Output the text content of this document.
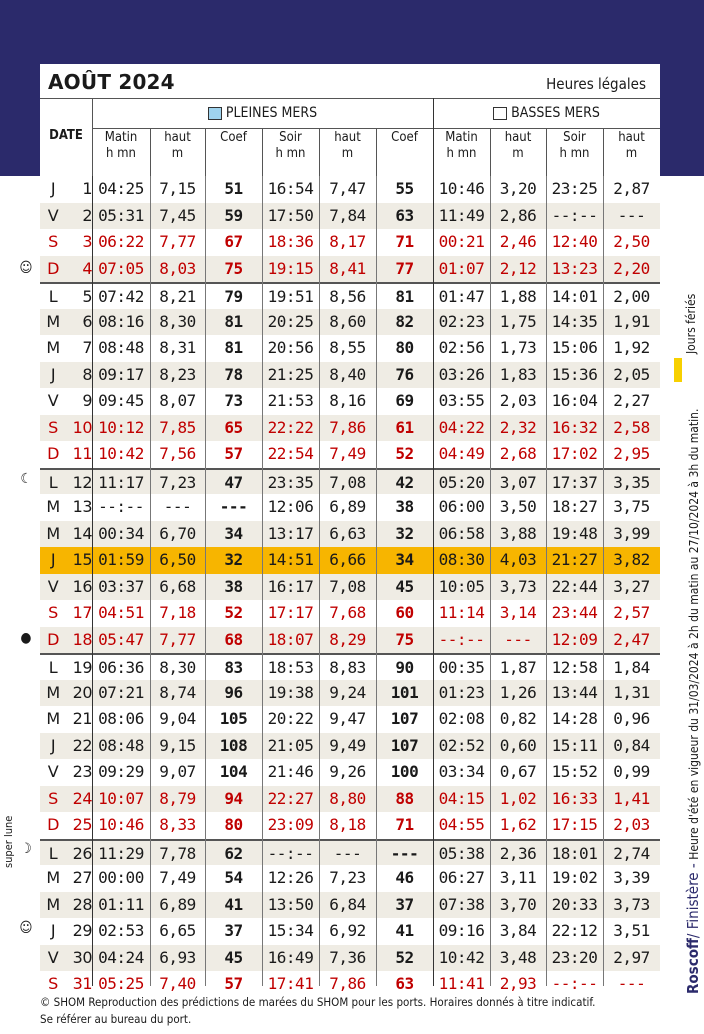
AOÛT 2024	Heures légales
DATE
PLEINES MERS	BASSES MERS
Matin
h mn
haut
m
Coef	Soir
h mn
haut
m
Coef	Matin
h mn
haut
m
Soir
h mn
haut
m
J	1 04:25 7,15	51	16:54 7,47	55	10:46 3,20 23:25 2,87
V	2 05:31 7,45	59	17:50 7,84	63	11:49 2,86 --:--	---
S	3 06:22 7,77	67	18:36 8,17	71	00:21 2,46 12:40 2,50
D	4 07:05 8,03	75	19:15 8,41	77	01:07 2,12 13:23 2,20
L	5 07:42 8,21	79	19:51 8,56	81	01:47 1,88 14:01 2,00
M	6 08:16 8,30	81	20:25 8,60	82	02:23 1,75 14:35 1,91
M	7 08:48 8,31	81	20:56 8,55	80	02:56 1,73 15:06 1,92
J	8 09:17 8,23	78	21:25 8,40	76	03:26 1,83 15:36 2,05
V	9 09:45 8,07	73	21:53 8,16	69	03:55 2,03 16:04 2,27
S 10 10:12 7,85	65	22:22 7,86	61	04:22 2,32 16:32 2,58
D 11 10:42 7,56	57	22:54 7,49	52	04:49 2,68 17:02 2,95
L 12 11:17 7,23	47	23:35 7,08	42	05:20 3,07 17:37 3,35
M 13 --:--	---	---	12:06 6,89	38	06:00 3,50 18:27 3,75
M 14 00:34 6,70	34	13:17 6,63	32	06:58 3,88 19:48 3,99
J	15 01:59 6,50	32	14:51 6,66	34	08:30 4,03 21:27 3,82
V 16 03:37 6,68	38	16:17 7,08	45	10:05 3,73 22:44 3,27
S 17 04:51 7,18	52	17:17 7,68	60	11:14 3,14 23:44 2,57
D 18 05:47 7,77	68	18:07 8,29	75	--:--	---	12:09 2,47
L 19 06:36 8,30	83	18:53 8,83	90	00:35 1,87 12:58 1,84
M 20 07:21 8,74	96	19:38 9,24	101	01:23 1,26 13:44 1,31
M 21 08:06 9,04	105	20:22 9,47	107	02:08 0,82 14:28 0,96
J	22 08:48 9,15	108	21:05 9,49	107	02:52 0,60 15:11 0,84
V 23 09:29 9,07	104	21:46 9,26	100	03:34 0,67 15:52 0,99
S 24 10:07 8,79	94	22:27 8,80	88	04:15 1,02 16:33 1,41
D 25 10:46 8,33	80	23:09 8,18	71	04:55 1,62 17:15 2,03
L 26 11:29 7,78	62	--:--	---	---	05:38 2,36 18:01 2,74
M 27 00:00 7,49	54	12:26 7,23	46	06:27 3,11 19:02 3,39
M 28 01:11 6,89	41	13:50 6,84	37	07:38 3,70 20:33 3,73
J	29 02:53 6,65	37	15:34 6,92	41	09:16 3,84 22:12 3,51
V 30 04:24 6,93	45	16:49 7,36	52	10:42 3,48 23:20 2,97
S 31 05:25 7,40	57	17:41 7,86	63	11:41 2,93 --:--	---
☺
☾
●
☽
☺
super lune
Jours fériés
Roscoff/ Finistère - Heure d'été en vigueur du 31/03/2024 à 2h du matin au 27/10/2024 à 3h du matin.
© SHOM Reproduction des prédictions de marées du SHOM pour les ports. Horaires donnés à titre indicatif.
Se référer au bureau du port.
